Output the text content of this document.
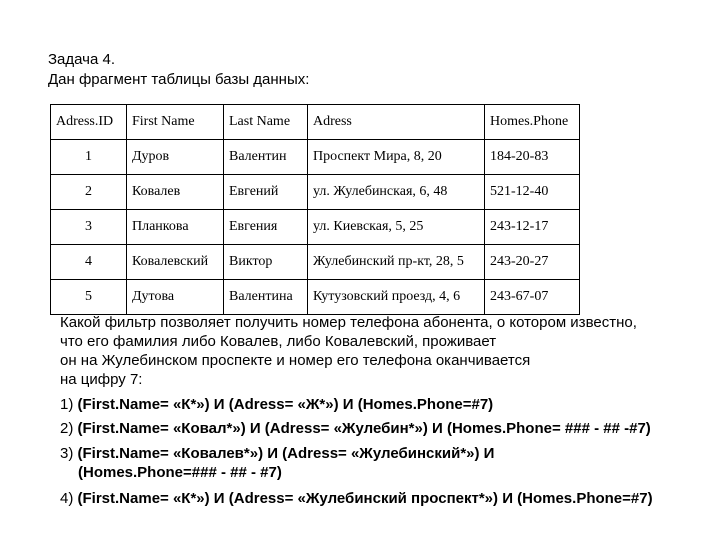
Задача 4.
Дан фрагмент таблицы базы данных:
Adress.ID	First Name	Last Name	Adress	Homes.Phone
1	Дуров	Валентин	Проспект Мира, 8, 20	184-20-83
2	Ковалев	Евгений	ул. Жулебинская, 6, 48	521-12-40
3	Планкова	Евгения	ул. Киевская, 5, 25	243-12-17
4	Ковалевский	Виктор	Жулебинский пр-кт, 28, 5	243-20-27
5	Дутова	Валентина	Кутузовский проезд, 4, 6	243-67-07
Какой фильтр позволяет получить номер телефона абонента, о котором известно,
что его фамилия либо Ковалев, либо Ковалевский, проживает
он на Жулебинском проспекте и номер его телефона оканчивается
на цифру 7:
1) (First.Name= «К*») И (Adress= «Ж*») И (Homes.Phone=#7)
2) (First.Name= «Ковал*») И (Adress= «Жулебин*») И (Homes.Phone= ### - ## -#7)
3) (First.Name= «Ковалев*») И (Adress= «Жулебинский*») И
(Homes.Phone=### - ## - #7)
4) (First.Name= «К*») И (Adress= «Жулебинский проспект*») И (Homes.Phone=#7)
